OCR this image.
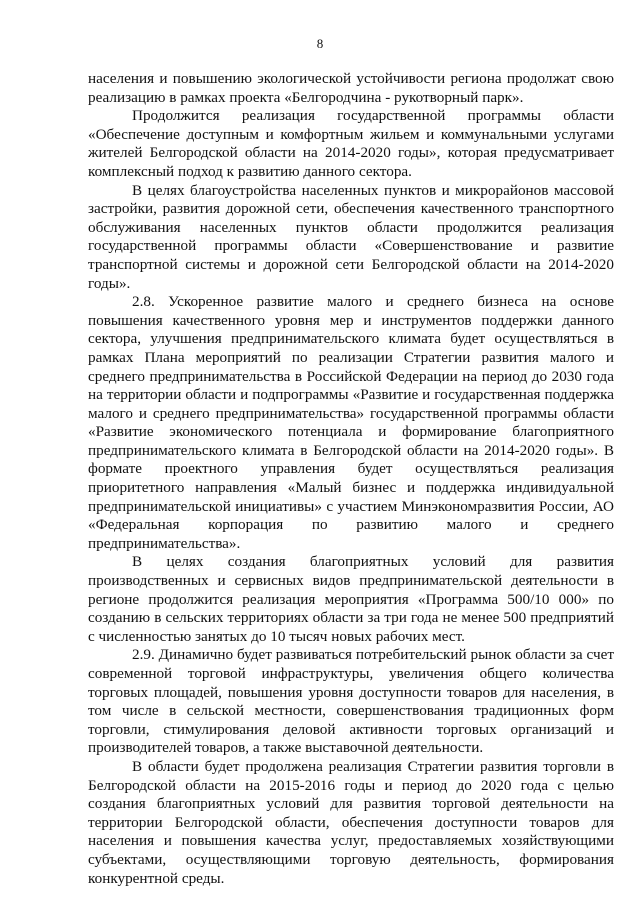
8

населения и повышению экологической устойчивости региона продолжат свою реализацию в рамках проекта «Белгородчина - рукотворный парк».

Продолжится реализация государственной программы области «Обеспечение доступным и комфортным жильем и коммунальными услугами жителей Белгородской области на 2014-2020 годы», которая предусматривает комплексный подход к развитию данного сектора.

В целях благоустройства населенных пунктов и микрорайонов массовой застройки, развития дорожной сети, обеспечения качественного транспортного обслуживания населенных пунктов области продолжится реализация государственной программы области «Совершенствование и развитие транспортной системы и дорожной сети Белгородской области на 2014-2020 годы».

2.8. Ускоренное развитие малого и среднего бизнеса на основе повышения качественного уровня мер и инструментов поддержки данного сектора, улучшения предпринимательского климата будет осуществляться в рамках Плана мероприятий по реализации Стратегии развития малого и среднего предпринимательства в Российской Федерации на период до 2030 года на территории области и подпрограммы «Развитие и государственная поддержка малого и среднего предпринимательства» государственной программы области «Развитие экономического потенциала и формирование благоприятного предпринимательского климата в Белгородской области на 2014-2020 годы». В формате проектного управления будет осуществляться реализация приоритетного направления «Малый бизнес и поддержка индивидуальной предпринимательской инициативы» с участием Минэкономразвития России, АО «Федеральная корпорация по развитию малого и среднего предпринимательства».

В целях создания благоприятных условий для развития производственных и сервисных видов предпринимательской деятельности в регионе продолжится реализация мероприятия «Программа 500/10 000» по созданию в сельских территориях области за три года не менее 500 предприятий с численностью занятых до 10 тысяч новых рабочих мест.

2.9. Динамично будет развиваться потребительский рынок области за счет современной торговой инфраструктуры, увеличения общего количества торговых площадей, повышения уровня доступности товаров для населения, в том числе в сельской местности, совершенствования традиционных форм торговли, стимулирования деловой активности торговых организаций и производителей товаров, а также выставочной деятельности.

В области будет продолжена реализация Стратегии развития торговли в Белгородской области на 2015-2016 годы и период до 2020 года с целью создания благоприятных условий для развития торговой деятельности на территории Белгородской области, обеспечения доступности товаров для населения и повышения качества услуг, предоставляемых хозяйствующими субъектами, осуществляющими торговую деятельность, формирования конкурентной среды.
